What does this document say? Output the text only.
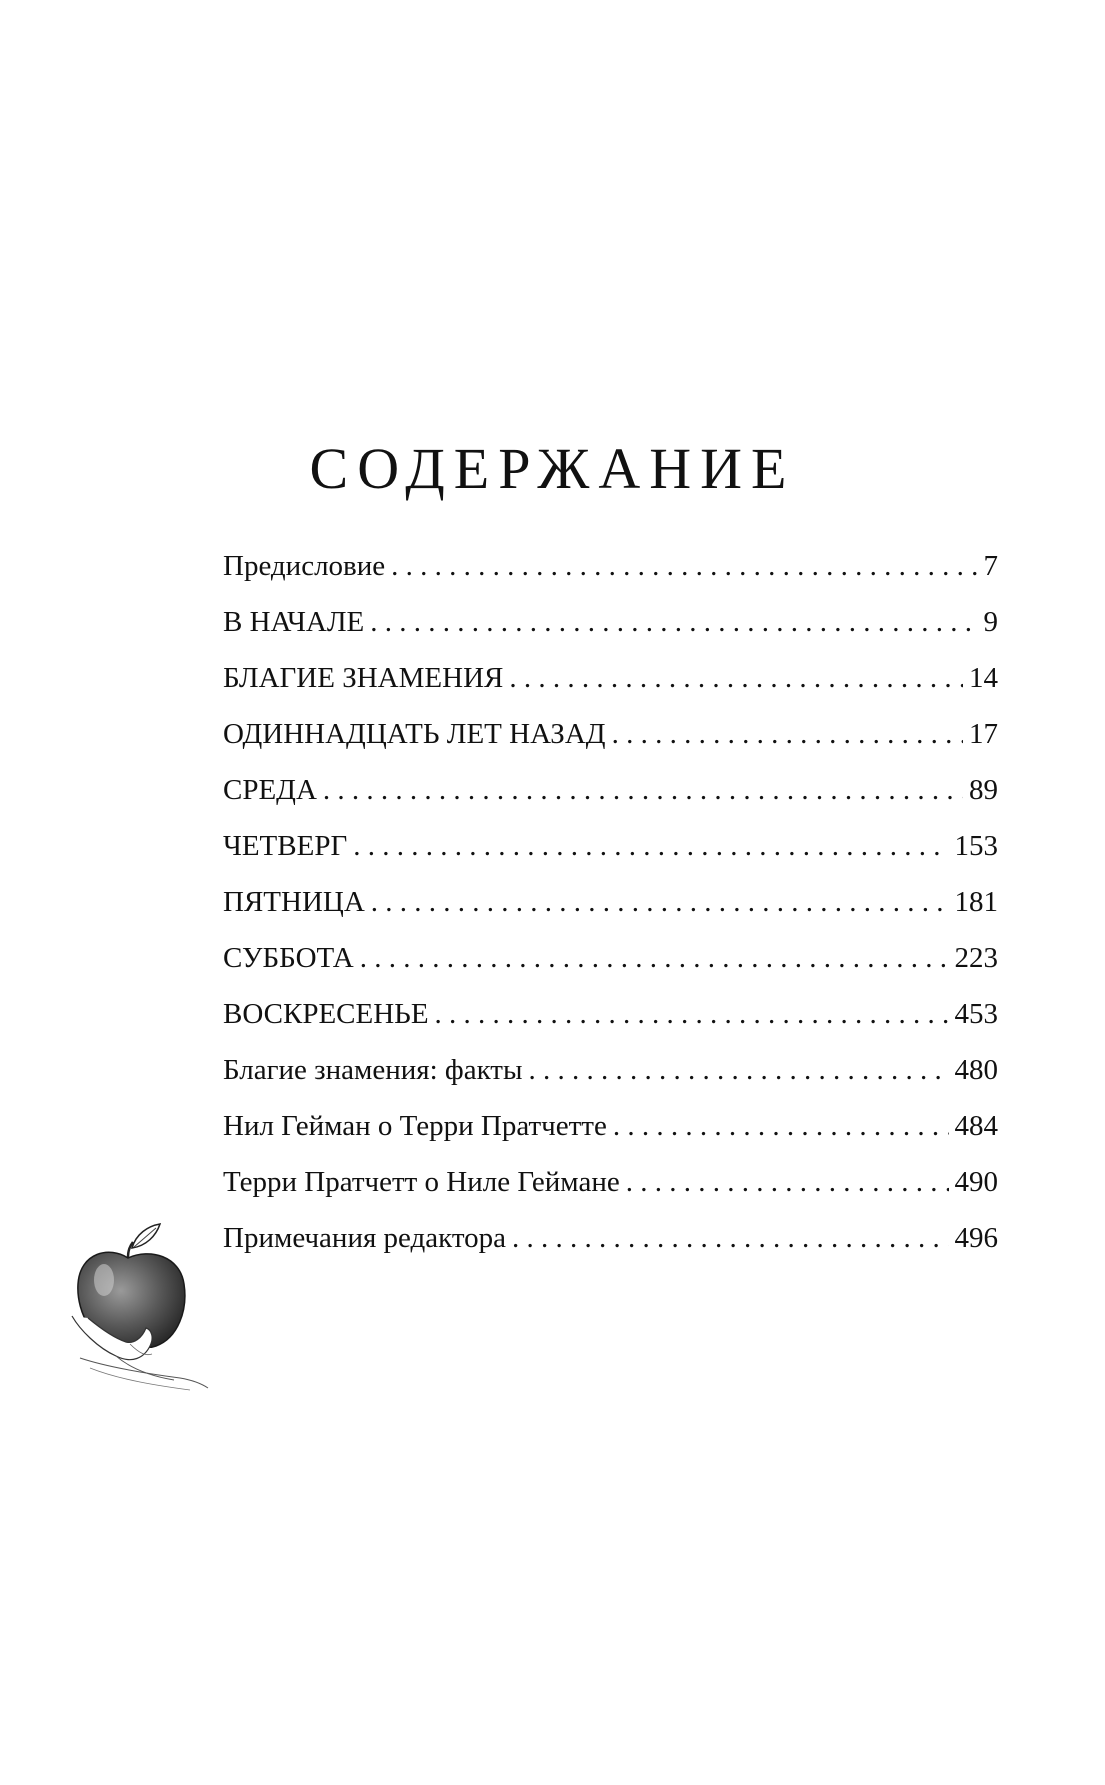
СОДЕРЖАНИЕ
Предисловие . . .	7
В НАЧАЛЕ . . .	9
БЛАГИЕ ЗНАМЕНИЯ . . .	14
ОДИННАДЦАТЬ ЛЕТ НАЗАД . . .	17
СРЕДА . . .	89
ЧЕТВЕРГ . . .	153
ПЯТНИЦА . . .	181
СУББОТА . . .	223
ВОСКРЕСЕНЬЕ . . .	453
Благие знамения: факты . . .	480
Нил Гейман о Терри Пратчетте . . .	484
Терри Пратчетт о Ниле Геймане . . .	490
Примечания редактора . . .	496
